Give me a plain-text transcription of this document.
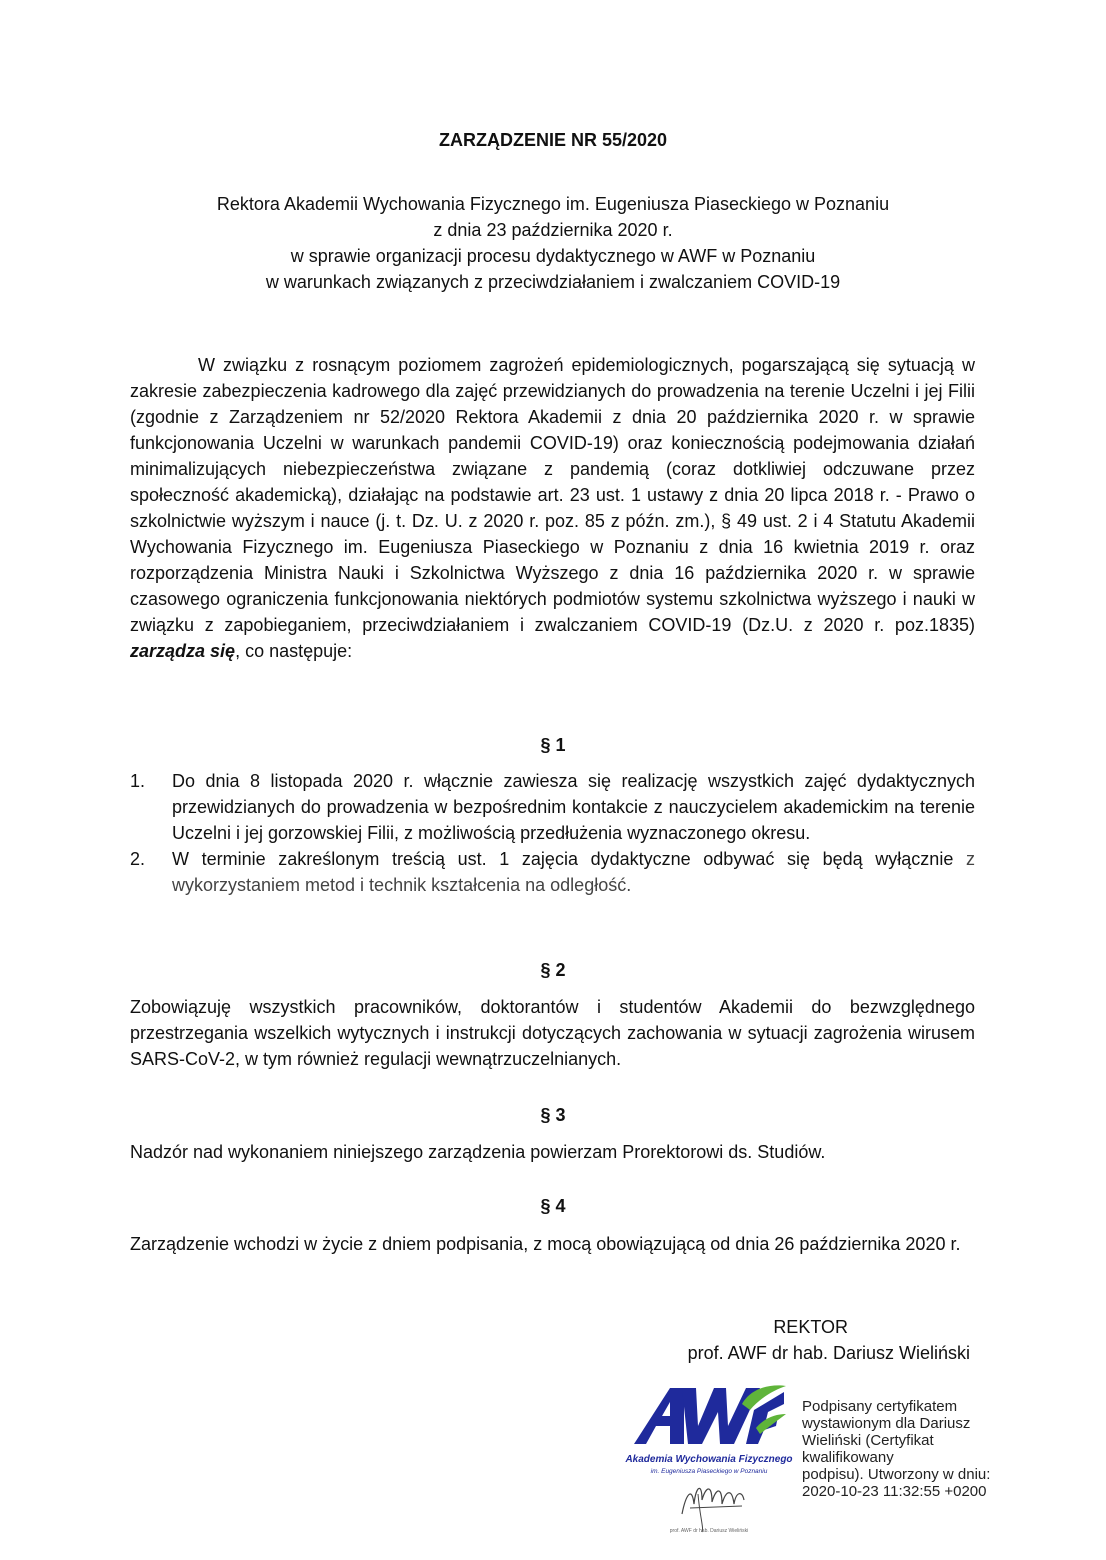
ZARZĄDZENIE NR 55/2020
Rektora Akademii Wychowania Fizycznego im. Eugeniusza Piaseckiego w Poznaniu
z dnia 23 października 2020 r.
w sprawie organizacji procesu dydaktycznego w AWF w Poznaniu
w warunkach związanych z przeciwdziałaniem i zwalczaniem COVID-19

W związku z rosnącym poziomem zagrożeń epidemiologicznych, pogarszającą się sytuacją w zakresie zabezpieczenia kadrowego dla zajęć przewidzianych do prowadzenia na terenie Uczelni i jej Filii (zgodnie z Zarządzeniem nr 52/2020 Rektora Akademii z dnia 20 października 2020 r. w sprawie funkcjonowania Uczelni w warunkach pandemii COVID-19) oraz koniecznością podejmowania działań minimalizujących niebezpieczeństwa związane z pandemią (coraz dotkliwiej odczuwane przez społeczność akademicką), działając na podstawie art. 23 ust. 1 ustawy z dnia 20 lipca 2018 r. - Prawo o szkolnictwie wyższym i nauce (j. t. Dz. U. z 2020 r. poz. 85 z późn. zm.), § 49 ust. 2 i 4 Statutu Akademii Wychowania Fizycznego im. Eugeniusza Piaseckiego w Poznaniu z dnia 16 kwietnia 2019 r. oraz rozporządzenia Ministra Nauki i Szkolnictwa Wyższego z dnia 16 października 2020 r. w sprawie czasowego ograniczenia funkcjonowania niektórych podmiotów systemu szkolnictwa wyższego i nauki w związku z zapobieganiem, przeciwdziałaniem i zwalczaniem COVID-19 (Dz.U. z 2020 r. poz.1835) zarządza się, co następuje:

§ 1
1. Do dnia 8 listopada 2020 r. włącznie zawiesza się realizację wszystkich zajęć dydaktycznych przewidzianych do prowadzenia w bezpośrednim kontakcie z nauczycielem akademickim na terenie Uczelni i jej gorzowskiej Filii, z możliwością przedłużenia wyznaczonego okresu.
2. W terminie zakreślonym treścią ust. 1 zajęcia dydaktyczne odbywać się będą wyłącznie z wykorzystaniem metod i technik kształcenia na odległość.
§ 2

Zobowiązuję wszystkich pracowników, doktorantów i studentów Akademii do bezwzględnego przestrzegania wszelkich wytycznych i instrukcji dotyczących zachowania w sytuacji zagrożenia wirusem SARS-CoV-2, w tym również regulacji wewnątrzuczelnianych.

§ 3

Nadzór nad wykonaniem niniejszego zarządzenia powierzam Prorektorowi ds. Studiów.

§ 4

Zarządzenie wchodzi w życie z dniem podpisania, z mocą obowiązującą od dnia 26 października 2020 r.

REKTOR
prof. AWF dr hab. Dariusz Wieliński
Akademia Wychowania Fizycznego
im. Eugeniusza Piaseckiego w Poznaniu
prof. AWF dr hab. Dariusz Wieliński
Podpisany certyfikatem
wystawionym dla Dariusz
Wieliński (Certyfikat
kwalifikowany
podpisu). Utworzony w dniu:
2020-10-23 11:32:55 +0200
